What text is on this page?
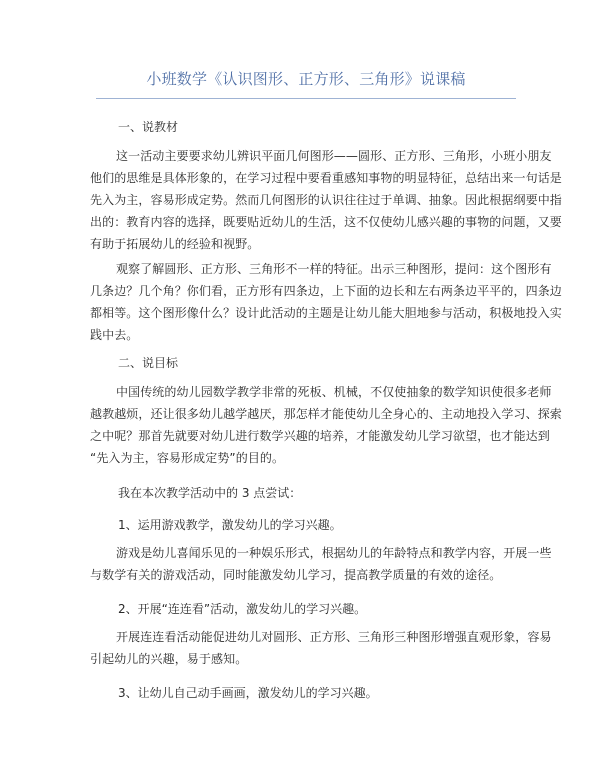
小班数学《认识图形、正方形、三角形》说课稿
一、说教材
这一活动主要要求幼儿辨识平面几何图形——圆形、正方形、三角形，小班小朋友
他们的思维是具体形象的，在学习过程中要看重感知事物的明显特征，总结出来一句话是
先入为主，容易形成定势。然而几何图形的认识往往过于单调、抽象。因此根据纲要中指
出的：教育内容的选择，既要贴近幼儿的生活，这不仅使幼儿感兴趣的事物的问题，又要
有助于拓展幼儿的经验和视野。
观察了解圆形、正方形、三角形不一样的特征。出示三种图形，提问：这个图形有
几条边？几个角？你们看，正方形有四条边，上下面的边长和左右两条边平平的，四条边
都相等。这个图形像什么？设计此活动的主题是让幼儿能大胆地参与活动，积极地投入实
践中去。
二、说目标
中国传统的幼儿园数学教学非常的死板、机械，不仅使抽象的数学知识使很多老师
越教越烦，还让很多幼儿越学越厌，那怎样才能使幼儿全身心的、主动地投入学习、探索
之中呢？那首先就要对幼儿进行数学兴趣的培养，才能激发幼儿学习欲望，也才能达到
“先入为主，容易形成定势”的目的。
我在本次教学活动中的 3 点尝试：
1、运用游戏教学，激发幼儿的学习兴趣。
游戏是幼儿喜闻乐见的一种娱乐形式，根据幼儿的年龄特点和教学内容，开展一些
与数学有关的游戏活动，同时能激发幼儿学习，提高教学质量的有效的途径。
2、开展“连连看”活动，激发幼儿的学习兴趣。
开展连连看活动能促进幼儿对圆形、正方形、三角形三种图形增强直观形象，容易
引起幼儿的兴趣，易于感知。
3、让幼儿自己动手画画，激发幼儿的学习兴趣。
